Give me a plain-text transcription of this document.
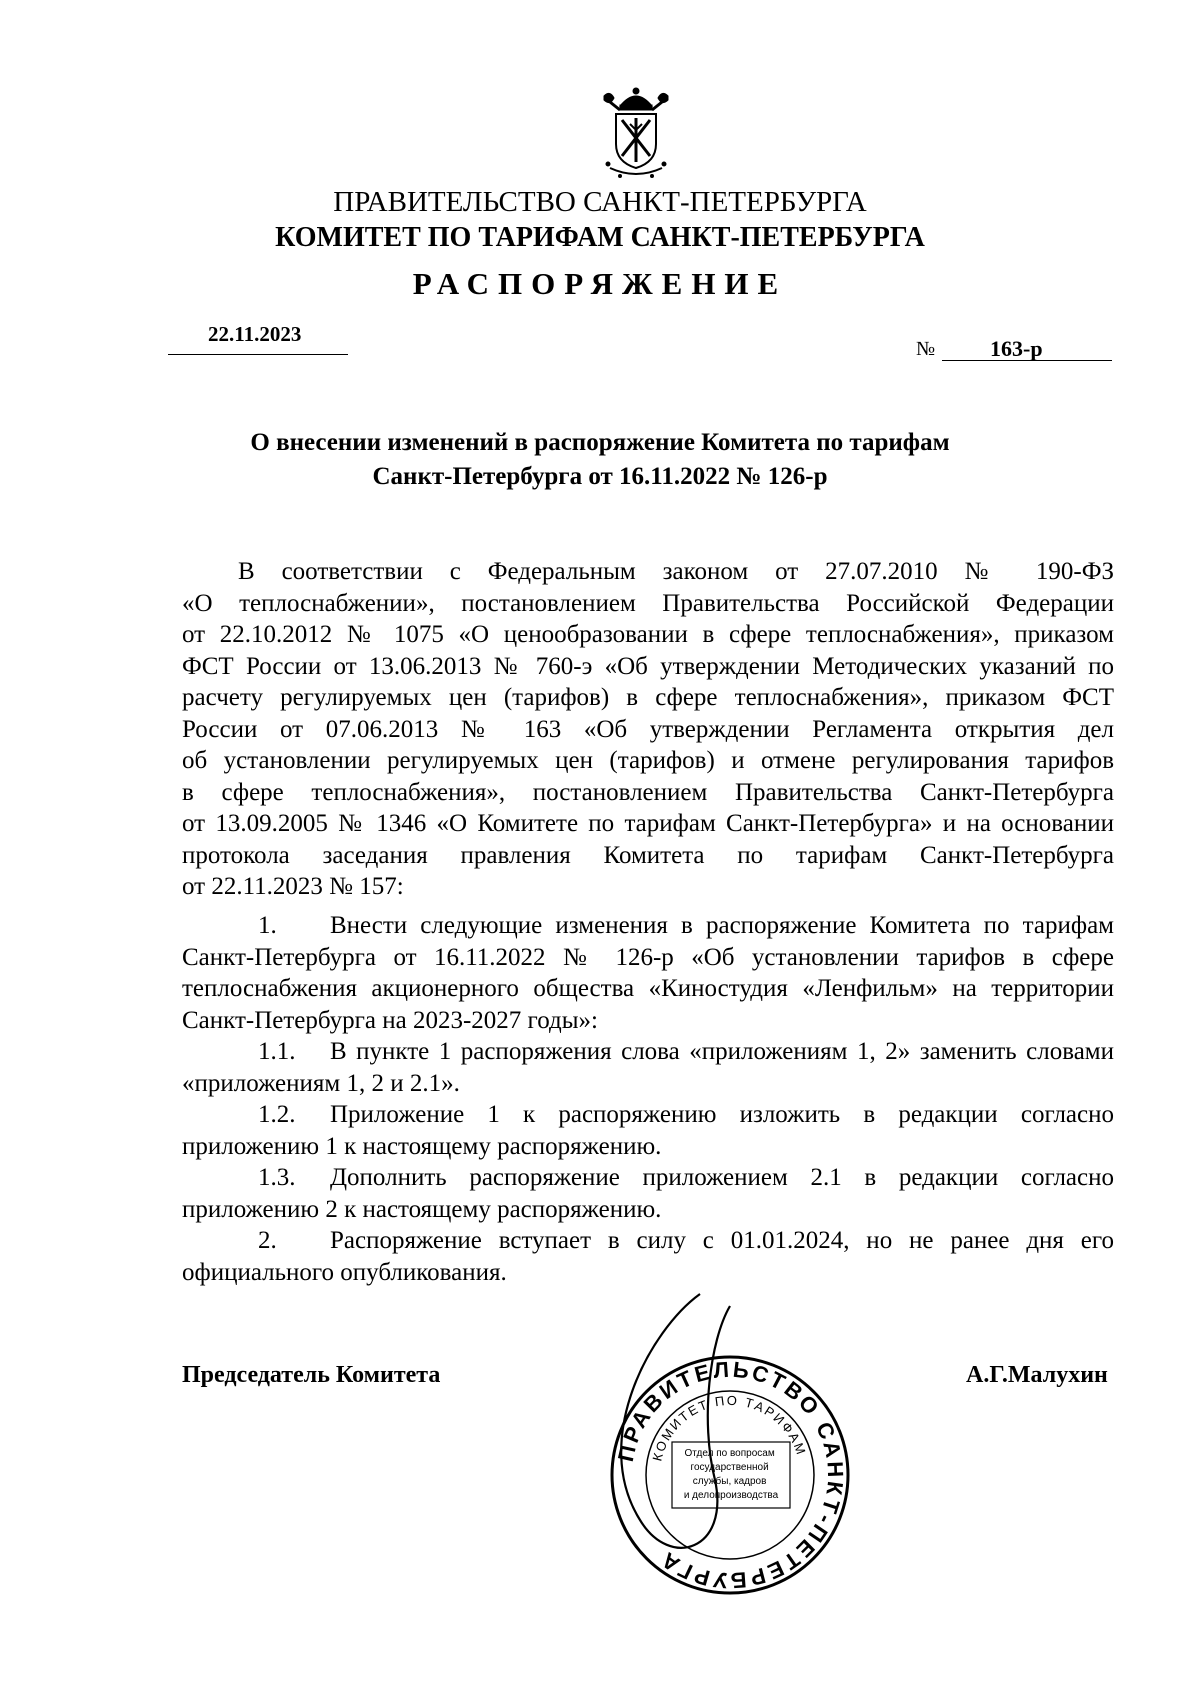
ПРАВИТЕЛЬСТВО САНКТ-ПЕТЕРБУРГА
КОМИТЕТ ПО ТАРИФАМ САНКТ-ПЕТЕРБУРГА
РАСПОРЯЖЕНИЕ
22.11.2023
№ 163-р
О внесении изменений в распоряжение Комитета по тарифам
Санкт-Петербурга от 16.11.2022 № 126-р
В соответствии с Федеральным законом от 27.07.2010 № 190-ФЗ
«О теплоснабжении», постановлением Правительства Российской Федерации
от 22.10.2012 № 1075 «О ценообразовании в сфере теплоснабжения», приказом
ФСТ России от 13.06.2013 № 760-э «Об утверждении Методических указаний по
расчету регулируемых цен (тарифов) в сфере теплоснабжения», приказом ФСТ
России от 07.06.2013 № 163 «Об утверждении Регламента открытия дел
об установлении регулируемых цен (тарифов) и отмене регулирования тарифов
в сфере теплоснабжения», постановлением Правительства Санкт-Петербурга
от 13.09.2005 № 1346 «О Комитете по тарифам Санкт-Петербурга» и на основании
протокола заседания правления Комитета по тарифам Санкт-Петербурга
от 22.11.2023 № 157:
1.	Внести следующие изменения в распоряжение Комитета по тарифам
Санкт-Петербурга от 16.11.2022 № 126-р «Об установлении тарифов в сфере
теплоснабжения акционерного общества «Киностудия «Ленфильм» на территории
Санкт-Петербурга на 2023-2027 годы»:
1.1.	В пункте 1 распоряжения слова «приложениям 1, 2» заменить словами
«приложениям 1, 2 и 2.1».
1.2.	Приложение 1 к распоряжению изложить в редакции согласно
приложению 1 к настоящему распоряжению.
1.3.	Дополнить распоряжение приложением 2.1 в редакции согласно
приложению 2 к настоящему распоряжению.
2.	Распоряжение вступает в силу с 01.01.2024, но не ранее дня его
официального опубликования.
Председатель Комитета	А.Г.Малухин
ПРАВИТЕЛЬСТВО САНКТ-ПЕТЕРБУРГА
КОМИТЕТ ПО ТАРИФАМ
Отдел по вопросам государственной службы, кадров и делопроизводства
